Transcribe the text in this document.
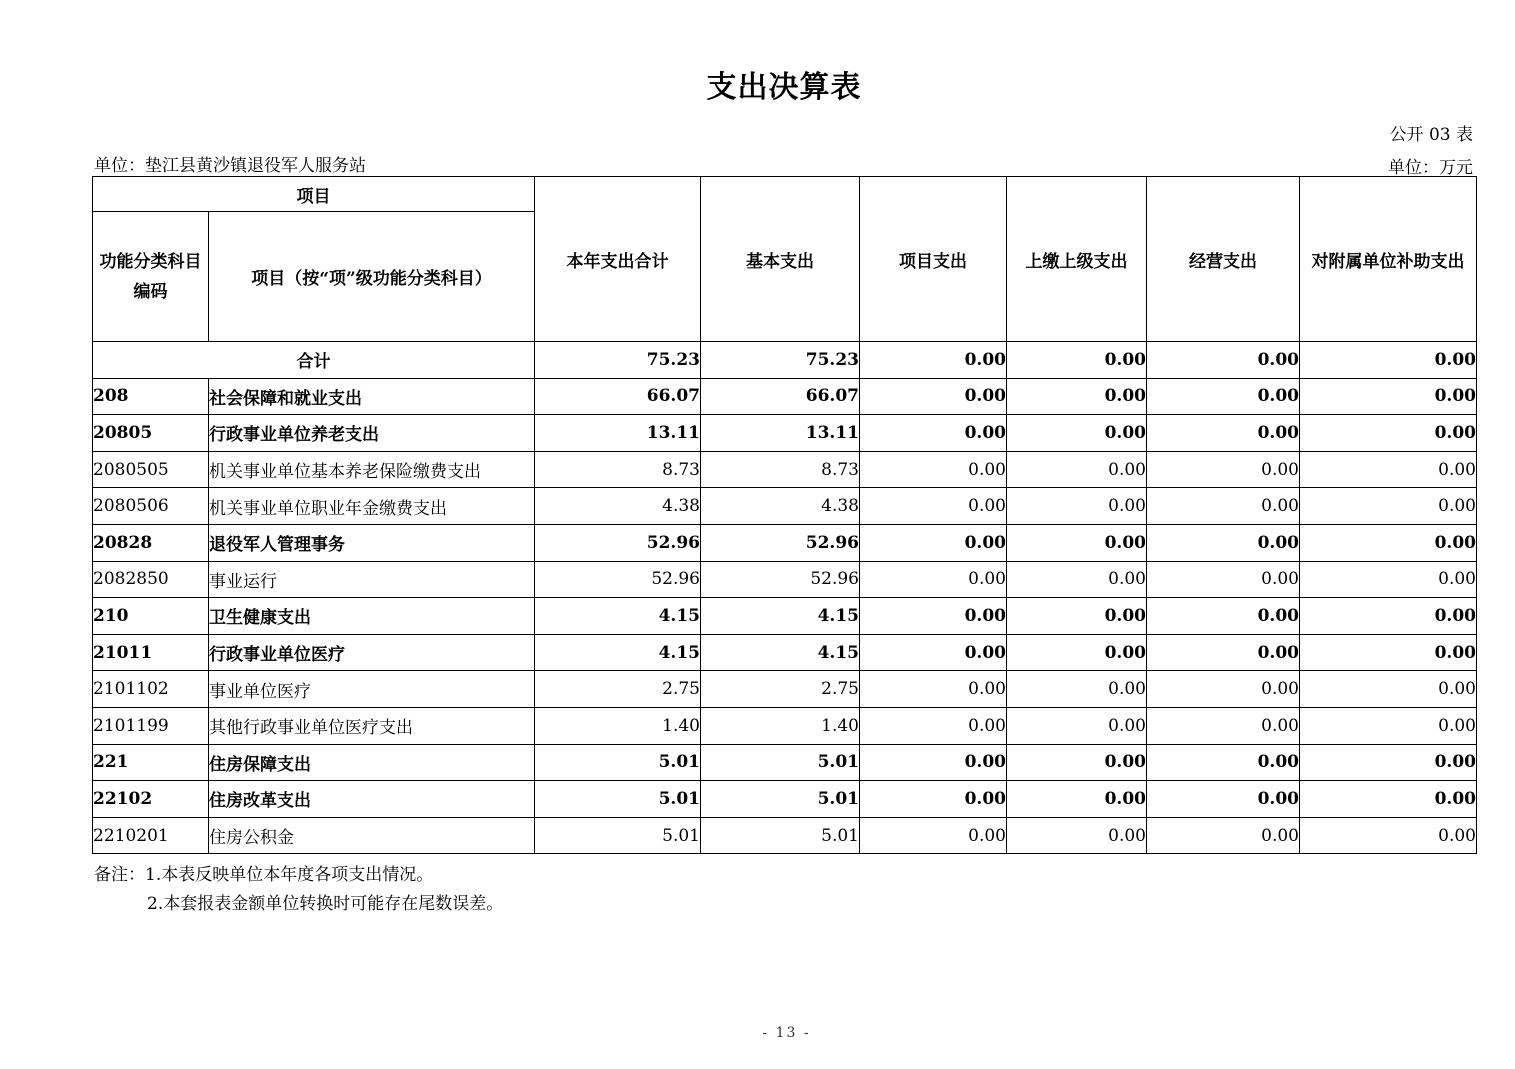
支出决算表
公开 03 表
单位：垫江县黄沙镇退役军人服务站	单位：万元
项目		本年支出合计	基本支出	项目支出	上缴上级支出	经营支出	对附属单位补助支出
功能分类科目
编码	项目（按“项”级功能分类科目）						
合计		75.23	75.23	0.00	0.00	0.00	0.00
208	社会保障和就业支出	66.07	66.07	0.00	0.00	0.00	0.00
20805	行政事业单位养老支出	13.11	13.11	0.00	0.00	0.00	0.00
2080505	机关事业单位基本养老保险缴费支出	8.73	8.73	0.00	0.00	0.00	0.00
2080506	机关事业单位职业年金缴费支出	4.38	4.38	0.00	0.00	0.00	0.00
20828	退役军人管理事务	52.96	52.96	0.00	0.00	0.00	0.00
2082850	事业运行	52.96	52.96	0.00	0.00	0.00	0.00
210	卫生健康支出	4.15	4.15	0.00	0.00	0.00	0.00
21011	行政事业单位医疗	4.15	4.15	0.00	0.00	0.00	0.00
2101102	事业单位医疗	2.75	2.75	0.00	0.00	0.00	0.00
2101199	其他行政事业单位医疗支出	1.40	1.40	0.00	0.00	0.00	0.00
221	住房保障支出	5.01	5.01	0.00	0.00	0.00	0.00
22102	住房改革支出	5.01	5.01	0.00	0.00	0.00	0.00
2210201	住房公积金	5.01	5.01	0.00	0.00	0.00	0.00
备注：1.本表反映单位本年度各项支出情况。
2.本套报表金额单位转换时可能存在尾数误差。
- 13 -
